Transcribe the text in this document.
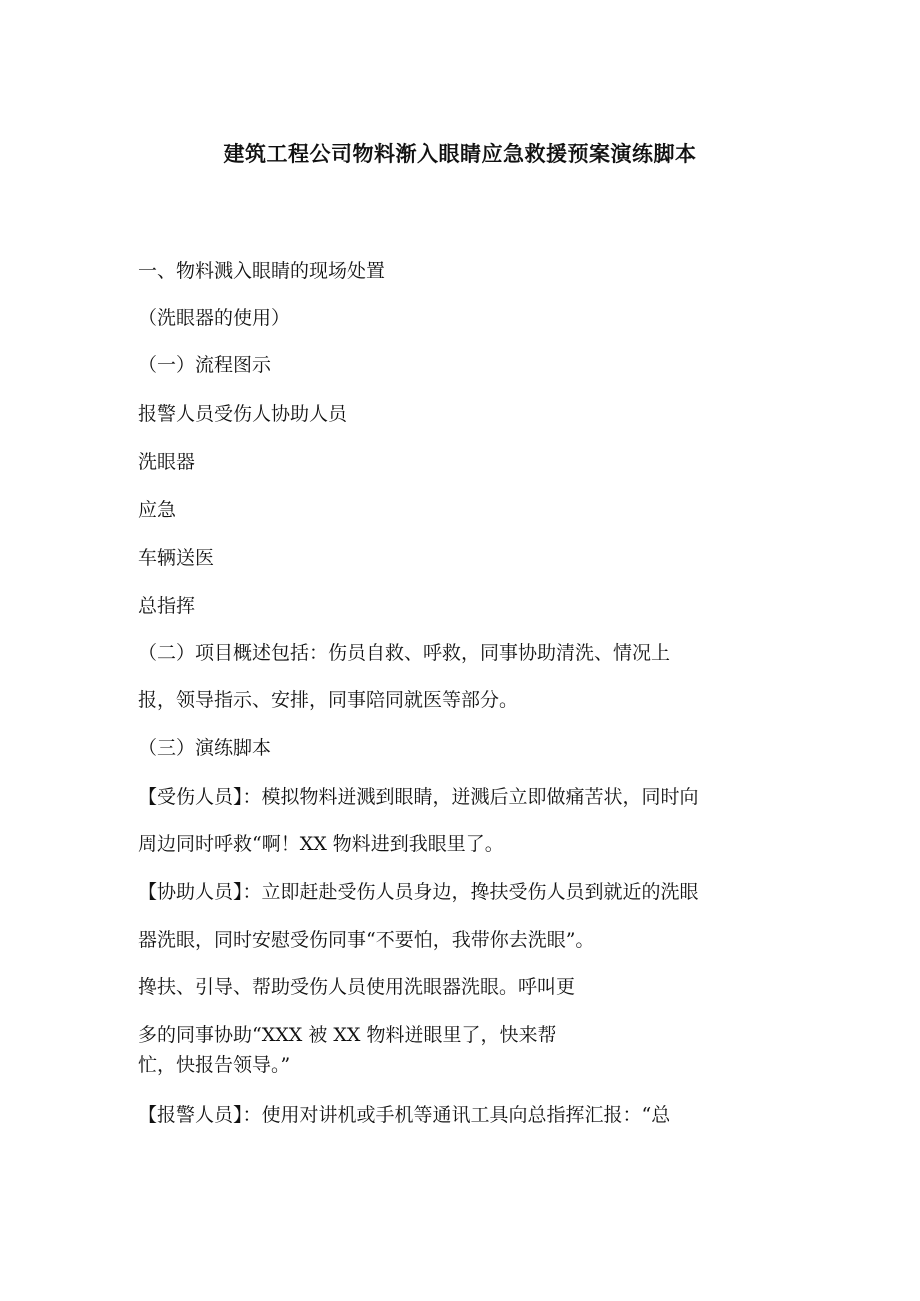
建筑工程公司物料渐入眼睛应急救援预案演练脚本
一、物料溅入眼睛的现场处置
（洗眼器的使用）
（一）流程图示
报警人员受伤人协助人员
洗眼器
应急
车辆送医
总指挥
（二）项目概述包括：伤员自救、呼救，同事协助清洗、情况上
报，领导指示、安排，同事陪同就医等部分。
（三）演练脚本
【受伤人员】：模拟物料迸溅到眼睛，迸溅后立即做痛苦状，同时向
周边同时呼救“啊！XX 物料进到我眼里了。
【协助人员】：立即赶赴受伤人员身边，搀扶受伤人员到就近的洗眼
器洗眼，同时安慰受伤同事“不要怕，我带你去洗眼”。
搀扶、引导、帮助受伤人员使用洗眼器洗眼。呼叫更
多的同事协助“XXX 被 XX 物料迸眼里了，快来帮
忙，快报告领导。”
【报警人员】：使用对讲机或手机等通讯工具向总指挥汇报：“总
